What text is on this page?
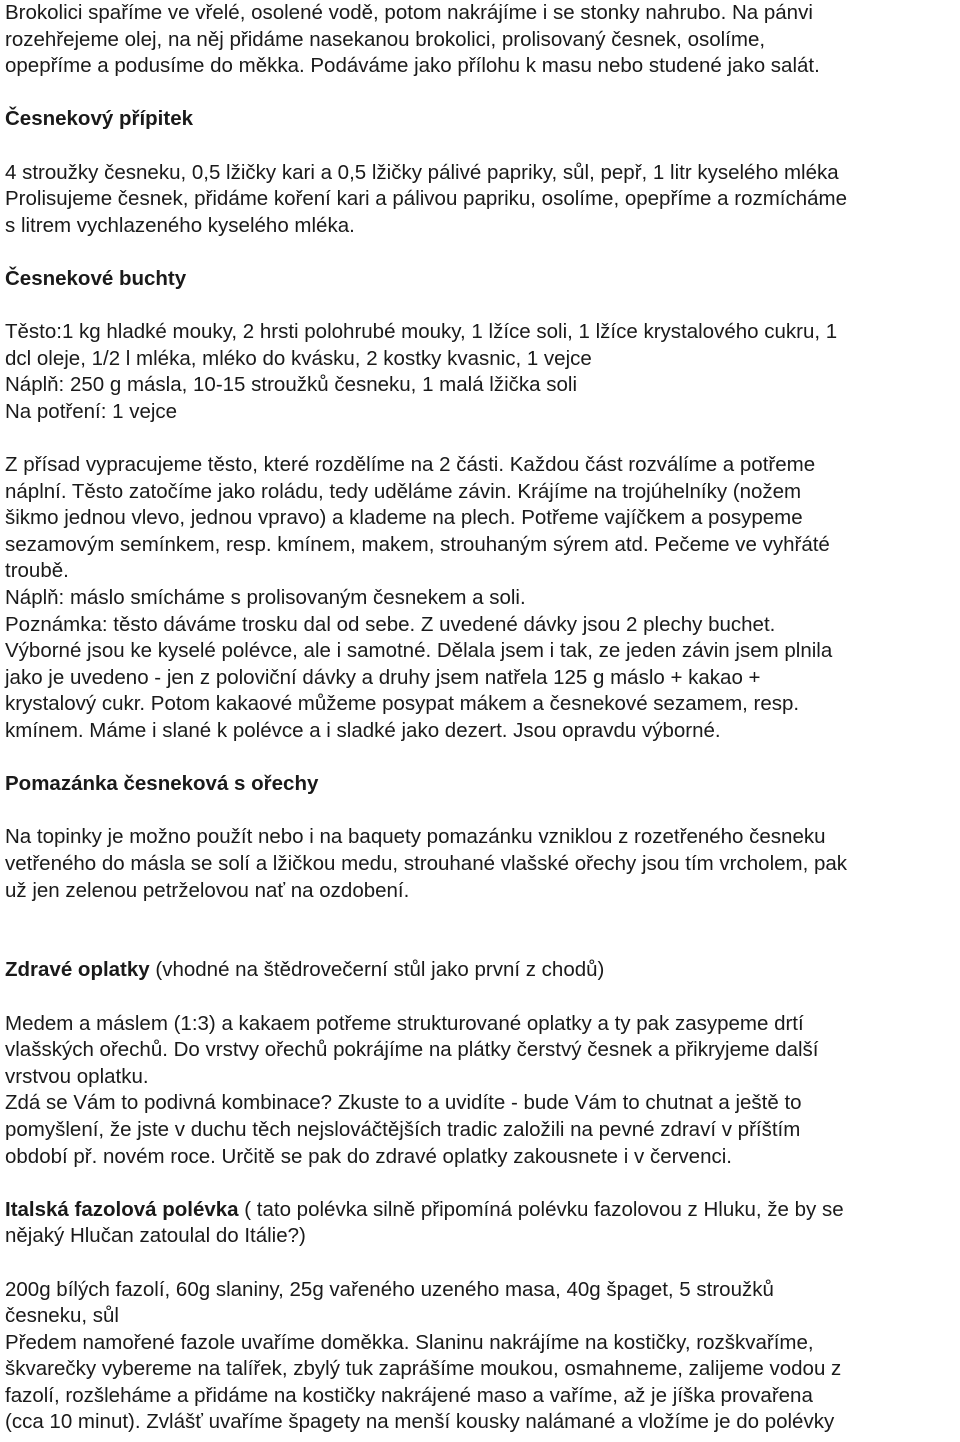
Brokolici spaříme ve vřelé, osolené vodě, potom nakrájíme i se stonky nahrubo. Na pánvi
rozehřejeme olej, na něj přidáme nasekanou brokolici, prolisovaný česnek, osolíme,
opepříme a podusíme do měkka. Podáváme jako přílohu k masu nebo studené jako salát.
Česnekový přípitek
4 stroužky česneku, 0,5 lžičky kari a 0,5 lžičky pálivé papriky, sůl, pepř, 1 litr kyselého mléka
Prolisujeme česnek, přidáme koření kari a pálivou papriku, osolíme, opepříme a rozmícháme
s litrem vychlazeného kyselého mléka.
Česnekové buchty
Těsto:1 kg hladké mouky, 2 hrsti polohrubé mouky, 1 lžíce soli, 1 lžíce krystalového cukru, 1
dcl oleje, 1/2 l mléka, mléko do kvásku, 2 kostky kvasnic, 1 vejce
Náplň: 250 g másla, 10-15 stroužků česneku, 1 malá lžička soli
Na potření: 1 vejce
Z přísad vypracujeme těsto, které rozdělíme na 2 části. Každou část rozválíme a potřeme
náplní. Těsto zatočíme jako roládu, tedy uděláme závin. Krájíme na trojúhelníky (nožem
šikmo jednou vlevo, jednou vpravo) a klademe na plech. Potřeme vajíčkem a posypeme
sezamovým semínkem, resp. kmínem, makem, strouhaným sýrem atd. Pečeme ve vyhřáté
troubě.
Náplň: máslo smícháme s prolisovaným česnekem a soli.
Poznámka: těsto dáváme trosku dal od sebe. Z uvedené dávky jsou 2 plechy buchet.
Výborné jsou ke kyselé polévce, ale i samotné. Dělala jsem i tak, ze jeden závin jsem plnila
jako je uvedeno - jen z poloviční dávky a druhy jsem natřela 125 g máslo + kakao +
krystalový cukr. Potom kakaové můžeme posypat mákem a česnekové sezamem, resp.
kmínem. Máme i slané k polévce a i sladké jako dezert. Jsou opravdu výborné.
Pomazánka česneková s ořechy
Na topinky je možno použít nebo i na baquety pomazánku vzniklou z rozetřeného česneku
vetřeného do másla se solí a lžičkou medu, strouhané vlašské ořechy jsou tím vrcholem, pak
už jen zelenou petrželovou nať na ozdobení.
Zdravé oplatky (vhodné na štědrovečerní stůl jako první z chodů)
Medem a máslem (1:3) a kakaem potřeme strukturované oplatky a ty pak zasypeme drtí
vlašských ořechů. Do vrstvy ořechů pokrájíme na plátky čerstvý česnek a přikryjeme další
vrstvou oplatku.
Zdá se Vám to podivná kombinace? Zkuste to a uvidíte - bude Vám to chutnat a ještě to
pomyšlení, že jste v duchu těch nejslováčtějších tradic založili na pevné zdraví v příštím
období př. novém roce. Určitě se pak do zdravé oplatky zakousnete i v červenci.
Italská fazolová polévka ( tato polévka silně připomíná polévku fazolovou z Hluku, že by se
nějaký Hlučan zatoulal do Itálie?)
200g bílých fazolí, 60g slaniny, 25g vařeného uzeného masa, 40g špaget, 5 stroužků
česneku, sůl
Předem namořené fazole uvaříme doměkka. Slaninu nakrájíme na kostičky, rozškvaříme,
škvarečky vybereme na talířek, zbylý tuk zaprášíme moukou, osmahneme, zalijeme vodou z
fazolí, rozšleháme a přidáme na kostičky nakrájené maso a vaříme, až je jíška provařena
(cca 10 minut). Zvlášť uvaříme špagety na menší kousky nalámané a vložíme je do polévky
